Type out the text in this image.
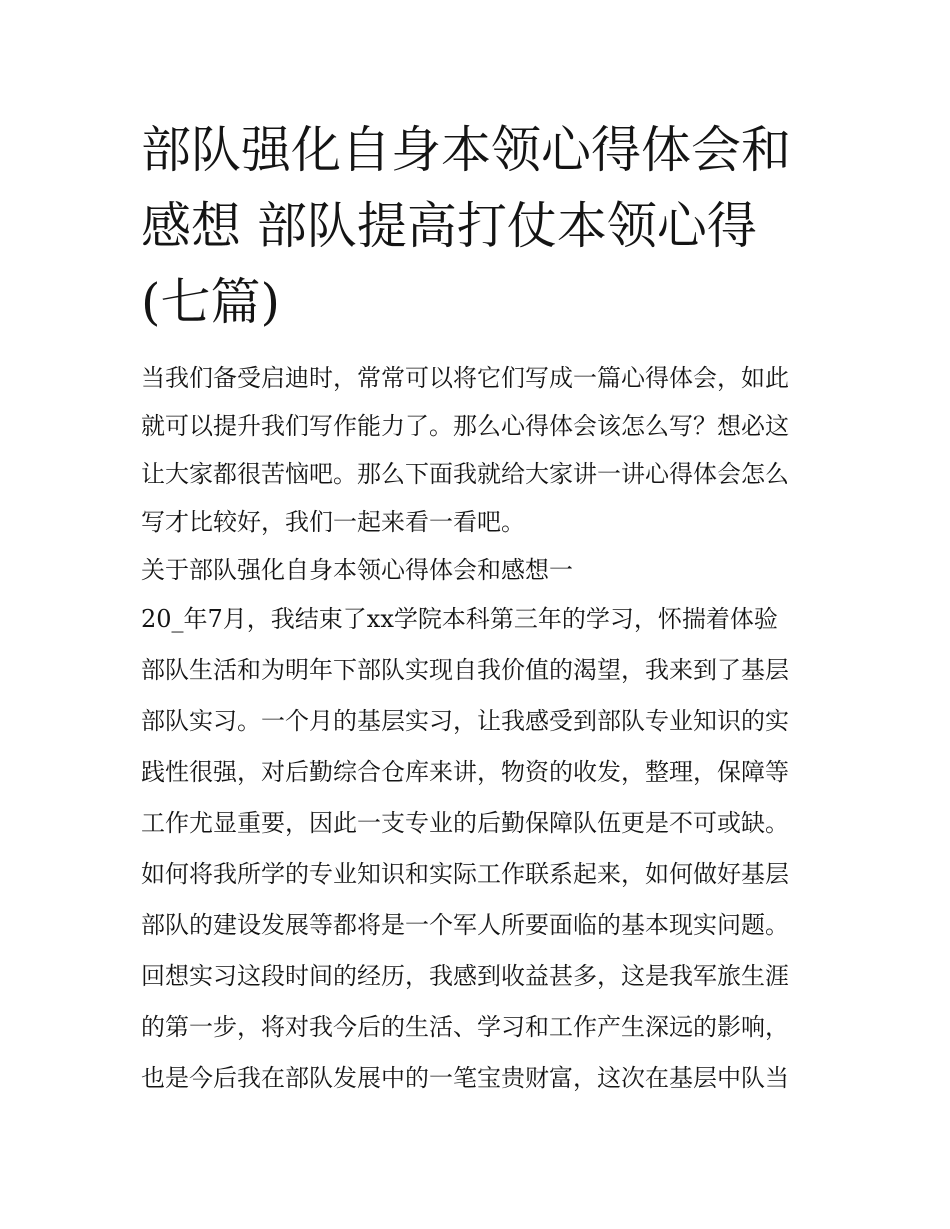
部队强化自身本领心得体会和
感想 部队提高打仗本领心得
(七篇)
当我们备受启迪时，常常可以将它们写成一篇心得体会，如此
就可以提升我们写作能力了。那么心得体会该怎么写？想必这
让大家都很苦恼吧。那么下面我就给大家讲一讲心得体会怎么
写才比较好，我们一起来看一看吧。
关于部队强化自身本领心得体会和感想一
20_年7月，我结束了xx学院本科第三年的学习，怀揣着体验
部队生活和为明年下部队实现自我价值的渴望，我来到了基层
部队实习。一个月的基层实习，让我感受到部队专业知识的实
践性很强，对后勤综合仓库来讲，物资的收发，整理，保障等
工作尤显重要，因此一支专业的后勤保障队伍更是不可或缺。
如何将我所学的专业知识和实际工作联系起来，如何做好基层
部队的建设发展等都将是一个军人所要面临的基本现实问题。
回想实习这段时间的经历，我感到收益甚多，这是我军旅生涯
的第一步，将对我今后的生活、学习和工作产生深远的影响，
也是今后我在部队发展中的一笔宝贵财富，这次在基层中队当
